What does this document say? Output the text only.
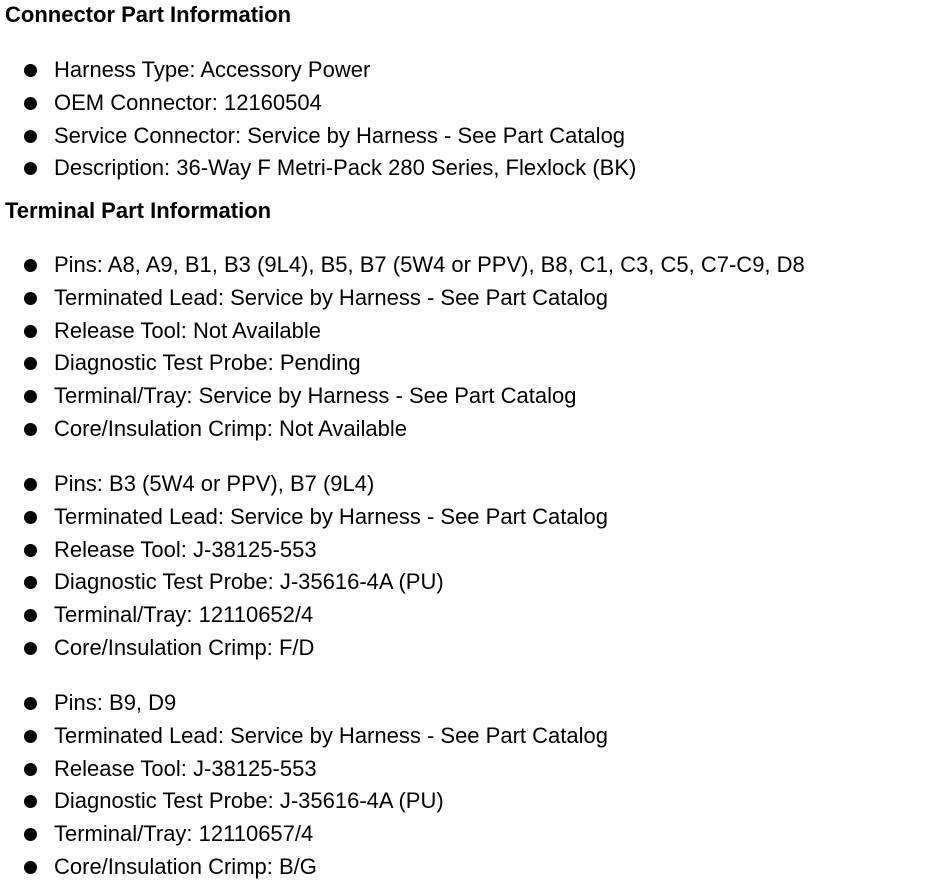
Connector Part Information
Harness Type: Accessory Power
OEM Connector: 12160504
Service Connector: Service by Harness - See Part Catalog
Description: 36-Way F Metri-Pack 280 Series, Flexlock (BK)
Terminal Part Information
Pins: A8, A9, B1, B3 (9L4), B5, B7 (5W4 or PPV), B8, C1, C3, C5, C7-C9, D8
Terminated Lead: Service by Harness - See Part Catalog
Release Tool: Not Available
Diagnostic Test Probe: Pending
Terminal/Tray: Service by Harness - See Part Catalog
Core/Insulation Crimp: Not Available
Pins: B3 (5W4 or PPV), B7 (9L4)
Terminated Lead: Service by Harness - See Part Catalog
Release Tool: J-38125-553
Diagnostic Test Probe: J-35616-4A (PU)
Terminal/Tray: 12110652/4
Core/Insulation Crimp: F/D
Pins: B9, D9
Terminated Lead: Service by Harness - See Part Catalog
Release Tool: J-38125-553
Diagnostic Test Probe: J-35616-4A (PU)
Terminal/Tray: 12110657/4
Core/Insulation Crimp: B/G
